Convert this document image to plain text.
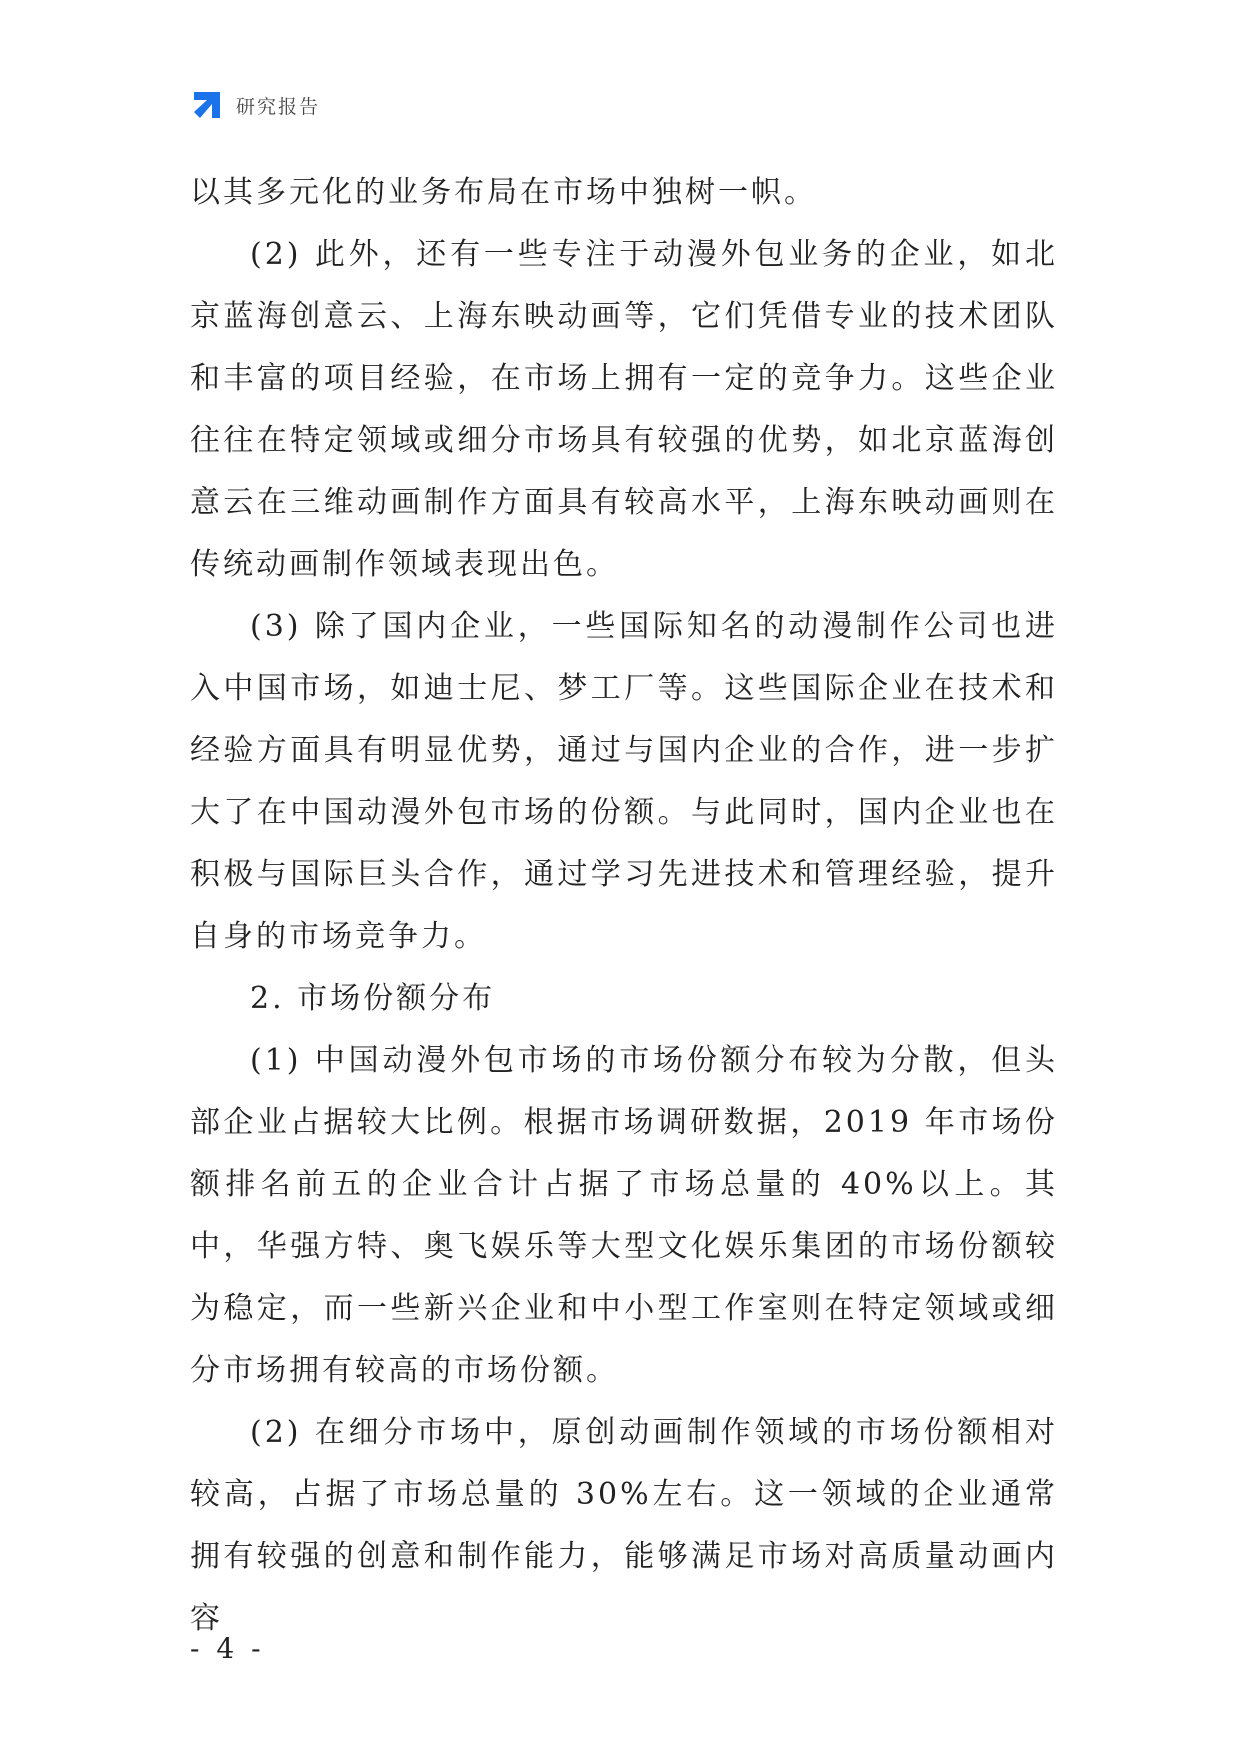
研究报告

以其多元化的业务布局在市场中独树一帜。

(2) 此外，还有一些专注于动漫外包业务的企业，如北京蓝海创意云、上海东映动画等，它们凭借专业的技术团队和丰富的项目经验，在市场上拥有一定的竞争力。这些企业往往在特定领域或细分市场具有较强的优势，如北京蓝海创意云在三维动画制作方面具有较高水平，上海东映动画则在传统动画制作领域表现出色。

(3) 除了国内企业，一些国际知名的动漫制作公司也进入中国市场，如迪士尼、梦工厂等。这些国际企业在技术和经验方面具有明显优势，通过与国内企业的合作，进一步扩大了在中国动漫外包市场的份额。与此同时，国内企业也在积极与国际巨头合作，通过学习先进技术和管理经验，提升自身的市场竞争力。

2. 市场份额分布

(1) 中国动漫外包市场的市场份额分布较为分散，但头部企业占据较大比例。根据市场调研数据，2019 年市场份额排名前五的企业合计占据了市场总量的 40%以上。其中，华强方特、奥飞娱乐等大型文化娱乐集团的市场份额较为稳定，而一些新兴企业和中小型工作室则在特定领域或细分市场拥有较高的市场份额。

(2) 在细分市场中，原创动画制作领域的市场份额相对较高，占据了市场总量的 30%左右。这一领域的企业通常拥有较强的创意和制作能力，能够满足市场对高质量动画内容

- 4 -
